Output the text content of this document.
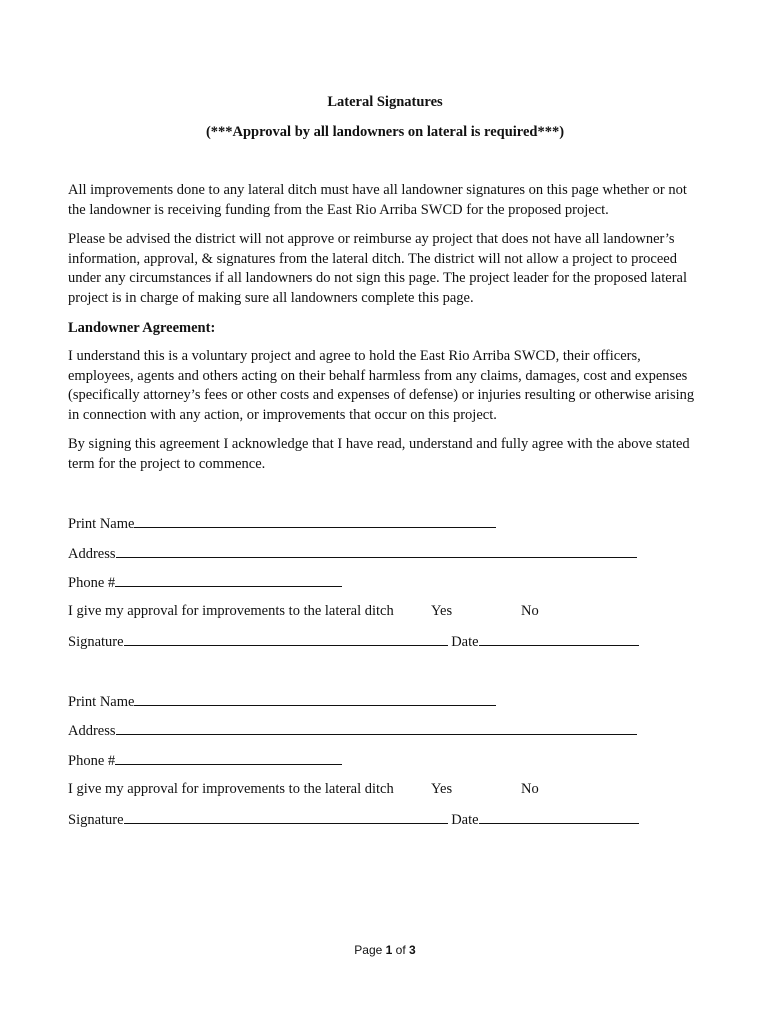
Lateral Signatures
(***Approval by all landowners on lateral is required***)

All improvements done to any lateral ditch must have all landowner signatures on this page whether or not the landowner is receiving funding from the East Rio Arriba SWCD for the proposed project.

Please be advised the district will not approve or reimburse ay project that does not have all landowner’s information, approval, & signatures from the lateral ditch. The district will not allow a project to proceed under any circumstances if all landowners do not sign this page. The project leader for the proposed lateral project is in charge of making sure all landowners complete this page.

Landowner Agreement:

I understand this is a voluntary project and agree to hold the East Rio Arriba SWCD, their officers, employees, agents and others acting on their behalf harmless from any claims, damages, cost and expenses (specifically attorney’s fees or other costs and expenses of defense) or injuries resulting or otherwise arising in connection with any action, or improvements that occur on this project.

By signing this agreement I acknowledge that I have read, understand and fully agree with the above stated term for the project to commence.

Print Name
Address
Phone #
I give my approval for improvements to the lateral ditch	Yes	No
Signature	Date
Print Name
Address
Phone #
I give my approval for improvements to the lateral ditch	Yes	No
Signature	Date
Page 1 of 3
